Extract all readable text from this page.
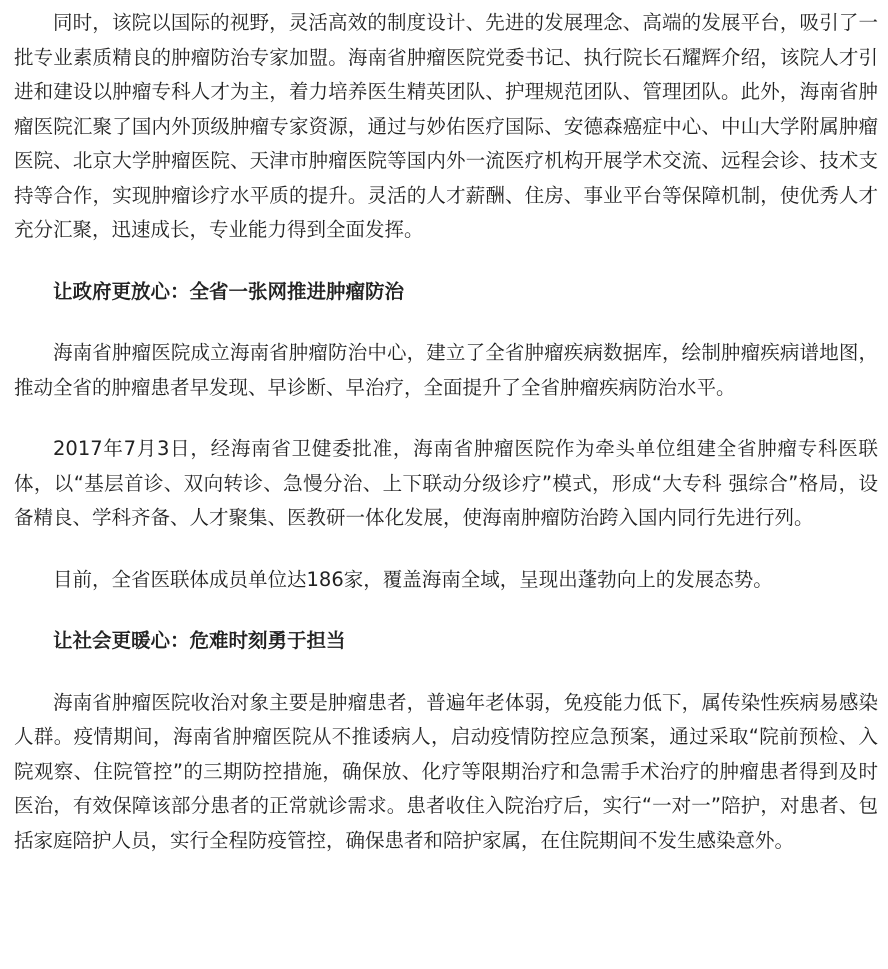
同时，该院以国际的视野，灵活高效的制度设计、先进的发展理念、高端的发展平台，吸引了一批专业素质精良的肿瘤防治专家加盟。海南省肿瘤医院党委书记、执行院长石耀辉介绍，该院人才引进和建设以肿瘤专科人才为主，着力培养医生精英团队、护理规范团队、管理团队。此外，海南省肿瘤医院汇聚了国内外顶级肿瘤专家资源，通过与妙佑医疗国际、安德森癌症中心、中山大学附属肿瘤医院、北京大学肿瘤医院、天津市肿瘤医院等国内外一流医疗机构开展学术交流、远程会诊、技术支持等合作，实现肿瘤诊疗水平质的提升。灵活的人才薪酬、住房、事业平台等保障机制，使优秀人才充分汇聚，迅速成长，专业能力得到全面发挥。

让政府更放心：全省一张网推进肿瘤防治

海南省肿瘤医院成立海南省肿瘤防治中心，建立了全省肿瘤疾病数据库，绘制肿瘤疾病谱地图，推动全省的肿瘤患者早发现、早诊断、早治疗，全面提升了全省肿瘤疾病防治水平。

2017年7月3日，经海南省卫健委批准，海南省肿瘤医院作为牵头单位组建全省肿瘤专科医联体，以“基层首诊、双向转诊、急慢分治、上下联动分级诊疗”模式，形成“大专科 强综合”格局，设备精良、学科齐备、人才聚集、医教研一体化发展，使海南肿瘤防治跨入国内同行先进行列。

目前，全省医联体成员单位达186家，覆盖海南全域，呈现出蓬勃向上的发展态势。

让社会更暖心：危难时刻勇于担当

海南省肿瘤医院收治对象主要是肿瘤患者，普遍年老体弱，免疫能力低下，属传染性疾病易感染人群。疫情期间，海南省肿瘤医院从不推诿病人，启动疫情防控应急预案，通过采取“院前预检、入院观察、住院管控”的三期防控措施，确保放、化疗等限期治疗和急需手术治疗的肿瘤患者得到及时医治，有效保障该部分患者的正常就诊需求。患者收住入院治疗后，实行“一对一”陪护，对患者、包括家庭陪护人员，实行全程防疫管控，确保患者和陪护家属，在住院期间不发生感染意外。
